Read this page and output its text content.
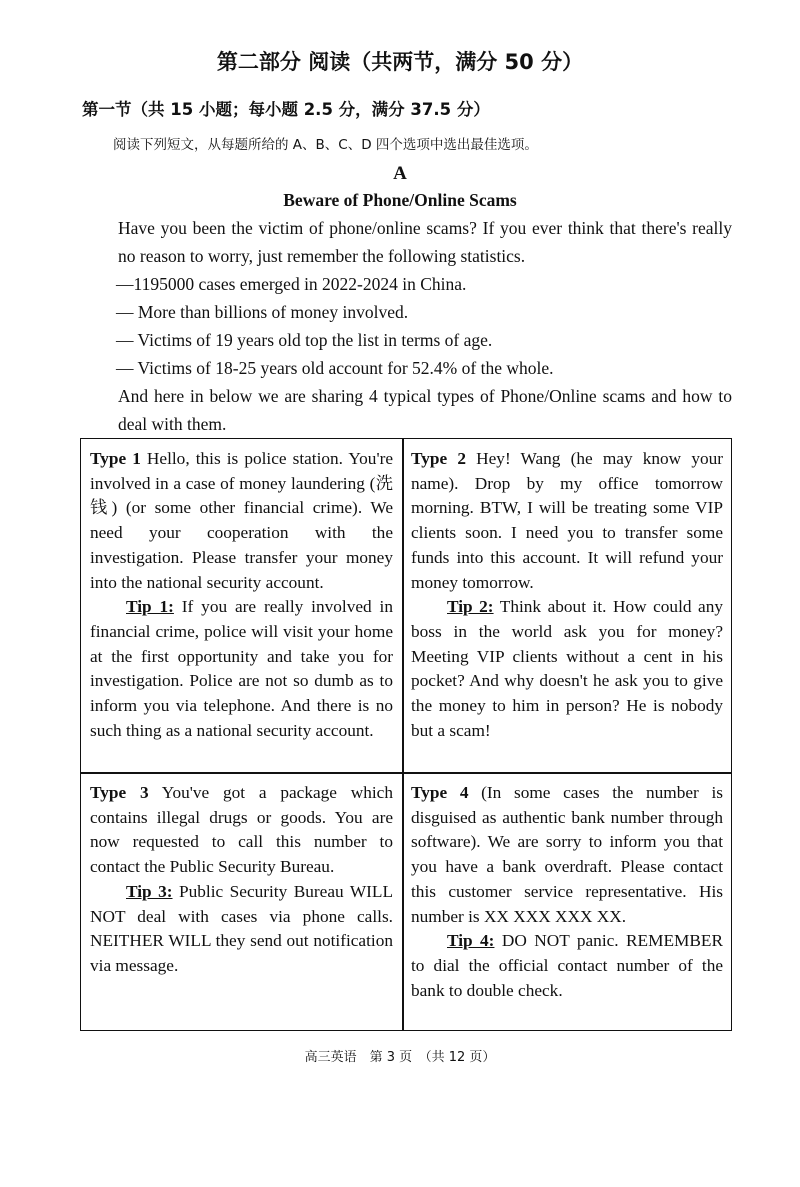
第二部分 阅读（共两节，满分 50 分）
第一节（共 15 小题；每小题 2.5 分，满分 37.5 分）
阅读下列短文，从每题所给的 A、B、C、D 四个选项中选出最佳选项。
A
Beware of Phone/Online Scams
Have you been the victim of phone/online scams? If you ever think that there's really no reason to worry, just remember the following statistics.
—1195000 cases emerged in 2022-2024 in China.
— More than billions of money involved.
— Victims of 19 years old top the list in terms of age.
— Victims of 18-25 years old account for 52.4% of the whole.
And here in below we are sharing 4 typical types of Phone/Online scams and how to deal with them.

Type 1 Hello, this is police station. You're involved in a case of money laundering (洗钱) (or some other financial crime). We need your cooperation with the investigation. Please transfer your money into the national security account.

Tip 1: If you are really involved in financial crime, police will visit your home at the first opportunity and take you for investigation. Police are not so dumb as to inform you via telephone. And there is no such thing as a national security account.

Type 2 Hey! Wang (he may know your name). Drop by my office tomorrow morning. BTW, I will be treating some VIP clients soon. I need you to transfer some funds into this account. It will refund your money tomorrow.

Tip 2: Think about it. How could any boss in the world ask you for money? Meeting VIP clients without a cent in his pocket? And why doesn't he ask you to give the money to him in person? He is nobody but a scam!

Type 3 You've got a package which contains illegal drugs or goods. You are now requested to call this number to contact the Public Security Bureau.

Tip 3: Public Security Bureau WILL NOT deal with cases via phone calls. NEITHER WILL they send out notification via message.

Type 4 (In some cases the number is disguised as authentic bank number through software). We are sorry to inform you that you have a bank overdraft. Please contact this customer service representative. His number is XX XXX XXX XX.

Tip 4: DO NOT panic. REMEMBER to dial the official contact number of the bank to double check.

高三英语　第 3 页　（共 12 页）
